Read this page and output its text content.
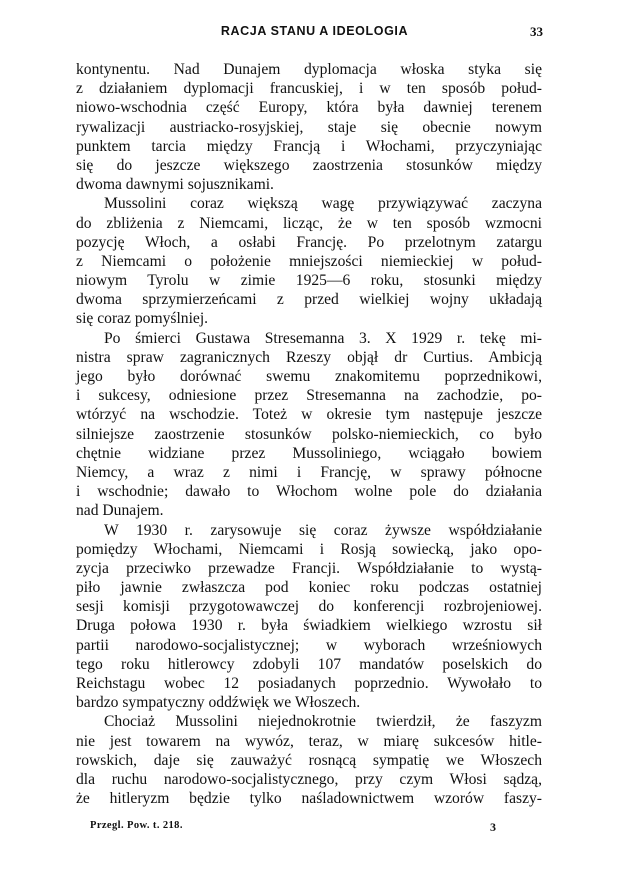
RACJA STANU A IDEOLOGIA	33
kontynentu. Nad Dunajem dyplomacja włoska styka się
z działaniem dyplomacji francuskiej, i w ten sposób połud-
niowo-wschodnia część Europy, która była dawniej terenem
rywalizacji austriacko-rosyjskiej, staje się obecnie nowym
punktem tarcia między Francją i Włochami, przyczyniając
się do jeszcze większego zaostrzenia stosunków między
dwoma dawnymi sojusznikami.
Mussolini coraz większą wagę przywiązywać zaczyna
do zbliżenia z Niemcami, licząc, że w ten sposób wzmocni
pozycję Włoch, a osłabi Francję. Po przelotnym zatargu
z Niemcami o położenie mniejszości niemieckiej w połud-
niowym Tyrolu w zimie 1925—6 roku, stosunki między
dwoma sprzymierzeńcami z przed wielkiej wojny układają
się coraz pomyślniej.
Po śmierci Gustawa Stresemanna 3. X 1929 r. tekę mi-
nistra spraw zagranicznych Rzeszy objął dr Curtius. Ambicją
jego było dorównać swemu znakomitemu poprzednikowi,
i sukcesy, odniesione przez Stresemanna na zachodzie, po-
wtórzyć na wschodzie. Toteż w okresie tym następuje jeszcze
silniejsze zaostrzenie stosunków polsko-niemieckich, co było
chętnie widziane przez Mussoliniego, wciągało bowiem
Niemcy, a wraz z nimi i Francję, w sprawy północne
i wschodnie; dawało to Włochom wolne pole do działania
nad Dunajem.
W 1930 r. zarysowuje się coraz żywsze współdziałanie
pomiędzy Włochami, Niemcami i Rosją sowiecką, jako opo-
zycja przeciwko przewadze Francji. Współdziałanie to wystą-
piło jawnie zwłaszcza pod koniec roku podczas ostatniej
sesji komisji przygotowawczej do konferencji rozbrojeniowej.
Druga połowa 1930 r. była świadkiem wielkiego wzrostu sił
partii narodowo-socjalistycznej; w wyborach wrześniowych
tego roku hitlerowcy zdobyli 107 mandatów poselskich do
Reichstagu wobec 12 posiadanych poprzednio. Wywołało to
bardzo sympatyczny oddźwięk we Włoszech.
Chociaż Mussolini niejednokrotnie twierdził, że faszyzm
nie jest towarem na wywóz, teraz, w miarę sukcesów hitle-
rowskich, daje się zauważyć rosnącą sympatię we Włoszech
dla ruchu narodowo-socjalistycznego, przy czym Włosi sądzą,
że hitleryzm będzie tylko naśladownictwem wzorów faszy-
Przegl. Pow. t. 218.	3
